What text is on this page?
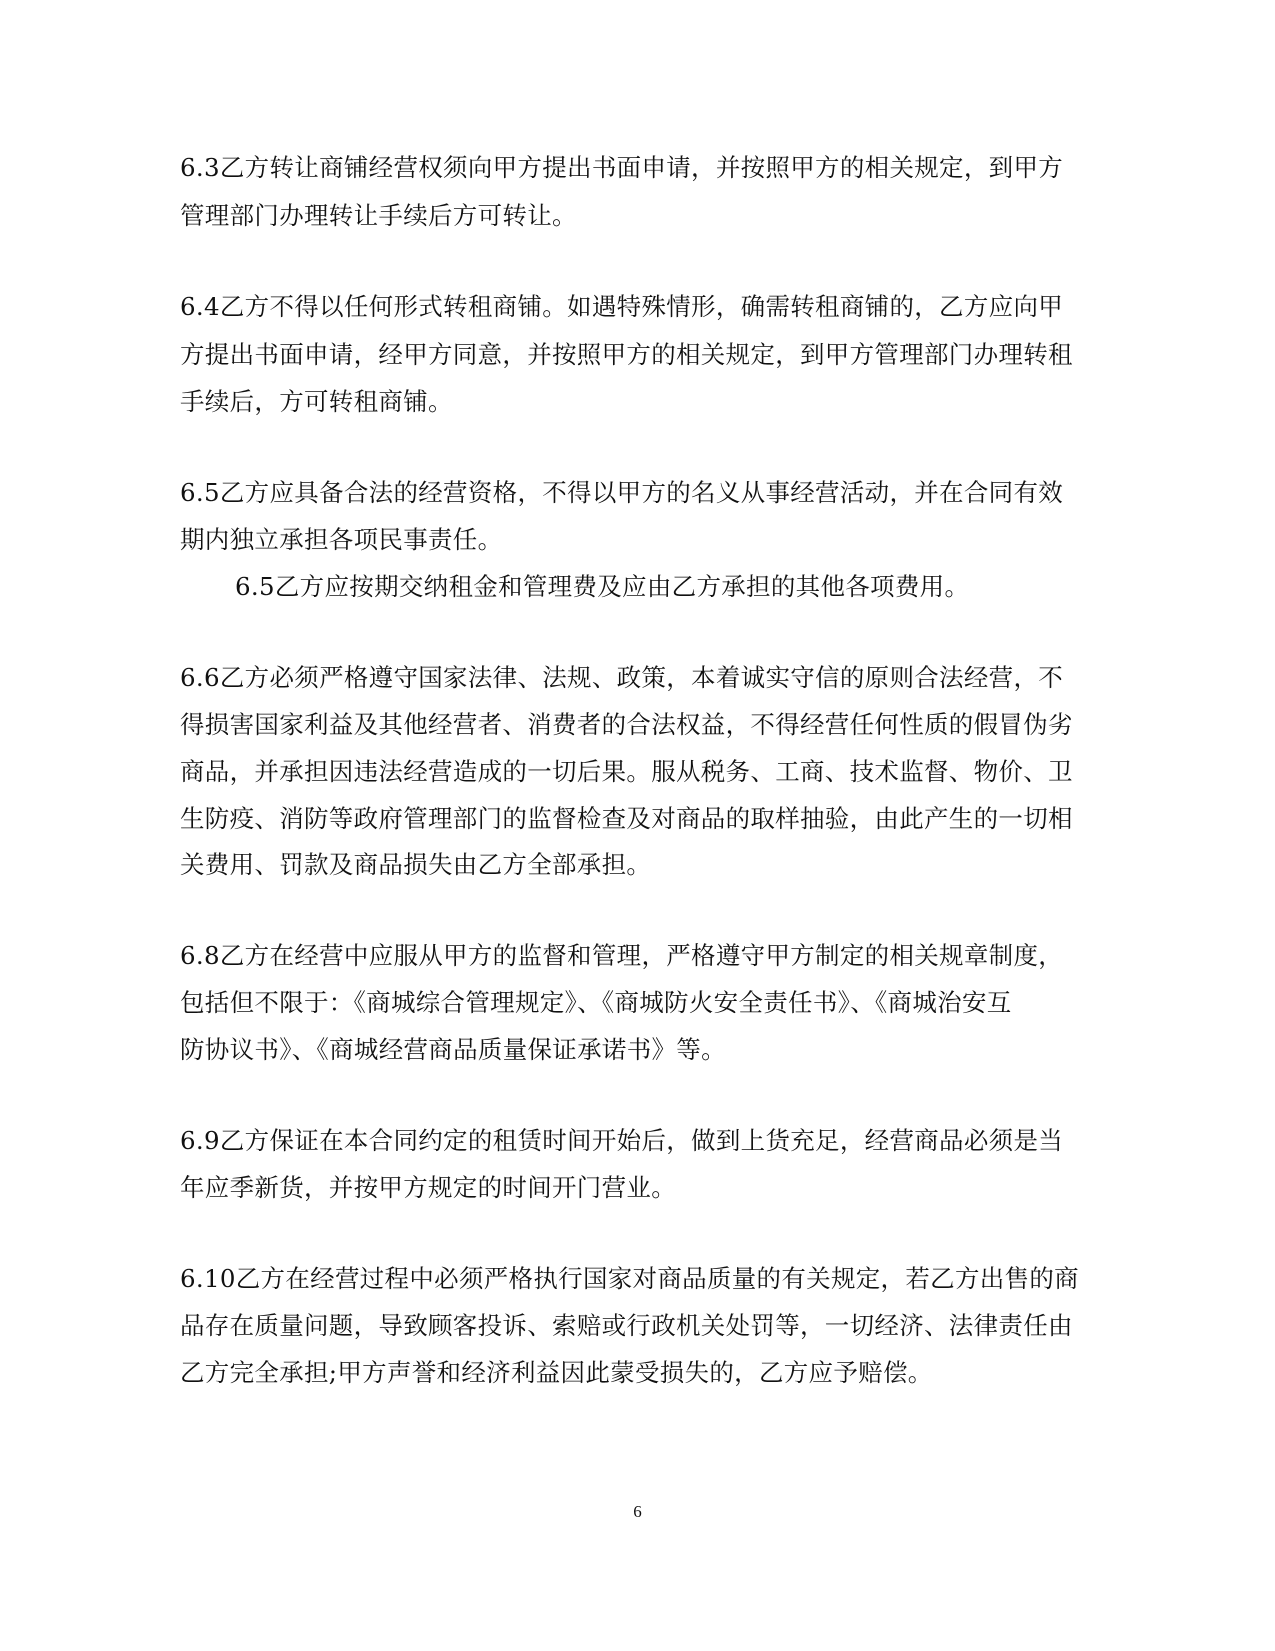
6.3乙方转让商铺经营权须向甲方提出书面申请，并按照甲方的相关规定，到甲方
管理部门办理转让手续后方可转让。
6.4乙方不得以任何形式转租商铺。如遇特殊情形，确需转租商铺的，乙方应向甲
方提出书面申请，经甲方同意，并按照甲方的相关规定，到甲方管理部门办理转租
手续后，方可转租商铺。
6.5乙方应具备合法的经营资格，不得以甲方的名义从事经营活动，并在合同有效
期内独立承担各项民事责任。
6.5乙方应按期交纳租金和管理费及应由乙方承担的其他各项费用。
6.6乙方必须严格遵守国家法律、法规、政策，本着诚实守信的原则合法经营，不
得损害国家利益及其他经营者、消费者的合法权益，不得经营任何性质的假冒伪劣
商品，并承担因违法经营造成的一切后果。服从税务、工商、技术监督、物价、卫
生防疫、消防等政府管理部门的监督检查及对商品的取样抽验，由此产生的一切相
关费用、罚款及商品损失由乙方全部承担。
6.8乙方在经营中应服从甲方的监督和管理，严格遵守甲方制定的相关规章制度，
包括但不限于：《商城综合管理规定》、《商城防火安全责任书》、《商城治安互
防协议书》、《商城经营商品质量保证承诺书》等。
6.9乙方保证在本合同约定的租赁时间开始后，做到上货充足，经营商品必须是当
年应季新货，并按甲方规定的时间开门营业。
6.10乙方在经营过程中必须严格执行国家对商品质量的有关规定，若乙方出售的商
品存在质量问题，导致顾客投诉、索赔或行政机关处罚等，一切经济、法律责任由
乙方完全承担;甲方声誉和经济利益因此蒙受损失的，乙方应予赔偿。
6
